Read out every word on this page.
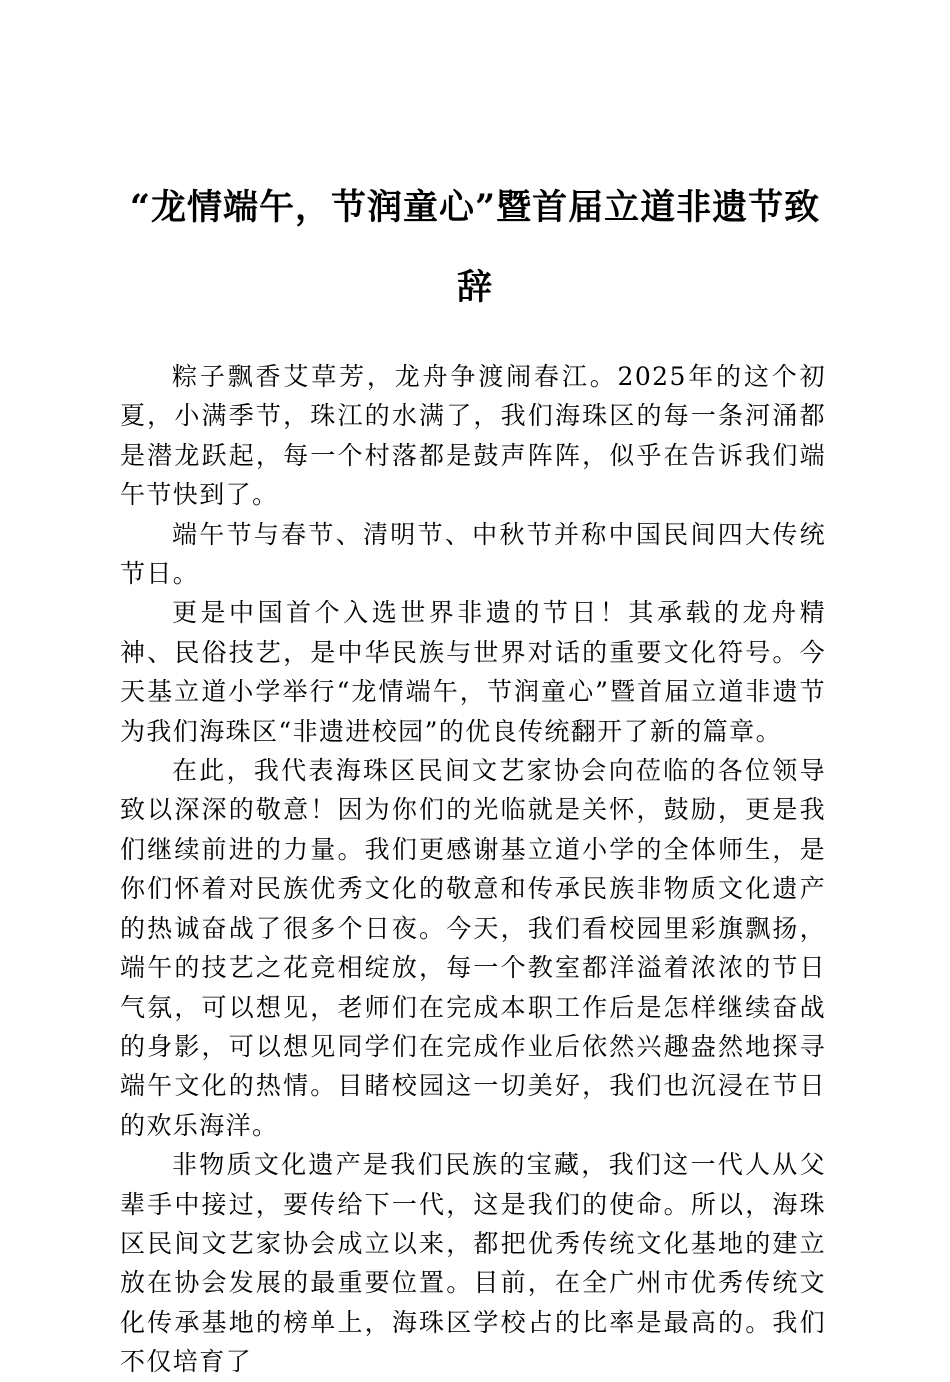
“龙情端午，节润童心”暨首届立道非遗节致辞

粽子飘香艾草芳，龙舟争渡闹春江。2025年的这个初夏，小满季节，珠江的水满了，我们海珠区的每一条河涌都是潜龙跃起，每一个村落都是鼓声阵阵，似乎在告诉我们端午节快到了。

端午节与春节、清明节、中秋节并称中国民间四大传统节日。

更是中国首个入选世界非遗的节日！其承载的龙舟精神、民俗技艺，是中华民族与世界对话的重要文化符号。今天基立道小学举行“龙情端午，节润童心”暨首届立道非遗节为我们海珠区“非遗进校园”的优良传统翻开了新的篇章。

在此，我代表海珠区民间文艺家协会向莅临的各位领导致以深深的敬意！因为你们的光临就是关怀，鼓励，更是我们继续前进的力量。我们更感谢基立道小学的全体师生，是你们怀着对民族优秀文化的敬意和传承民族非物质文化遗产的热诚奋战了很多个日夜。今天，我们看校园里彩旗飘扬，端午的技艺之花竞相绽放，每一个教室都洋溢着浓浓的节日气氛，可以想见，老师们在完成本职工作后是怎样继续奋战的身影，可以想见同学们在完成作业后依然兴趣盎然地探寻端午文化的热情。目睹校园这一切美好，我们也沉浸在节日的欢乐海洋。

非物质文化遗产是我们民族的宝藏，我们这一代人从父辈手中接过，要传给下一代，这是我们的使命。所以，海珠区民间文艺家协会成立以来，都把优秀传统文化基地的建立放在协会发展的最重要位置。目前，在全广州市优秀传统文化传承基地的榜单上，海珠区学校占的比率是最高的。我们不仅培育了
